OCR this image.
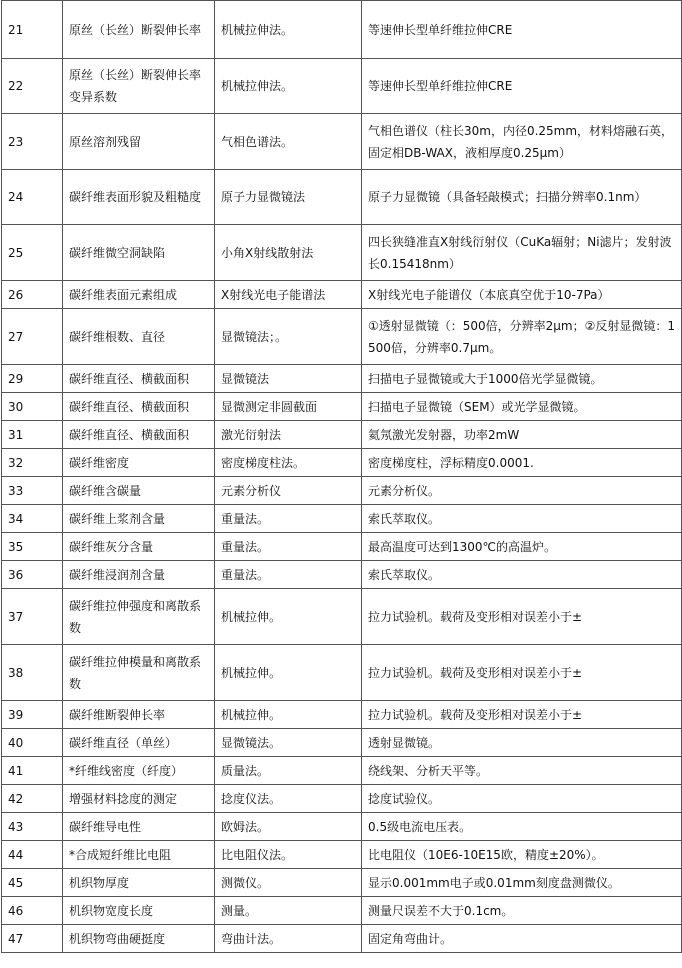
21	原丝（长丝）断裂伸长率	机械拉伸法。	等速伸长型单纤维拉伸CRE
22	原丝（长丝）断裂伸长率变异系数	机械拉伸法。	等速伸长型单纤维拉伸CRE
23	原丝溶剂残留	气相色谱法。	气相色谱仪（柱长30m，内径0.25mm，材料熔融石英，固定相DB-WAX，液相厚度0.25μm）
24	碳纤维表面形貌及粗糙度	原子力显微镜法	原子力显微镜（具备轻敲模式；扫描分辨率0.1nm）
25	碳纤维微空洞缺陷	小角X射线散射法	四长狭缝准直X射线衍射仪（CuKa辐射；Ni滤片；发射波长0.15418nm）
26	碳纤维表面元素组成	X射线光电子能谱法	X射线光电子能谱仪（本底真空优于10-7Pa）
27	碳纤维根数、直径	显微镜法；。	①透射显微镜（：500倍，分辨率2μm；②反射显微镜：1500倍，分辨率0.7μm。
29	碳纤维直径、横截面积	显微镜法	扫描电子显微镜或大于1000倍光学显微镜。
30	碳纤维直径、横截面积	显微测定非圆截面	扫描电子显微镜（SEM）或光学显微镜。
31	碳纤维直径、横截面积	激光衍射法	氦氖激光发射器，功率2mW
32	碳纤维密度	密度梯度柱法。	密度梯度柱，浮标精度0.0001.
33	碳纤维含碳量	元素分析仪	元素分析仪。
34	碳纤维上浆剂含量	重量法。	索氏萃取仪。
35	碳纤维灰分含量	重量法。	最高温度可达到1300℃的高温炉。
36	碳纤维浸润剂含量	重量法。	索氏萃取仪。
37	碳纤维拉伸强度和离散系数	机械拉伸。	拉力试验机。载荷及变形相对误差小于±
38	碳纤维拉伸模量和离散系数	机械拉伸。	拉力试验机。载荷及变形相对误差小于±
39	碳纤维断裂伸长率	机械拉伸。	拉力试验机。载荷及变形相对误差小于±
40	碳纤维直径（单丝）	显微镜法。	透射显微镜。
41	*纤维线密度（纤度）	质量法。	绕线架、分析天平等。
42	增强材料捻度的测定	捻度仪法。	捻度试验仪。
43	碳纤维导电性	欧姆法。	0.5级电流电压表。
44	*合成短纤维比电阻	比电阻仪法。	比电阻仪（10E6-10E15欧，精度±20%）。
45	机织物厚度	测微仪。	显示0.001mm电子或0.01mm刻度盘测微仪。
46	机织物宽度长度	测量。	测量尺误差不大于0.1cm。
47	机织物弯曲硬挺度	弯曲计法。	固定角弯曲计。
